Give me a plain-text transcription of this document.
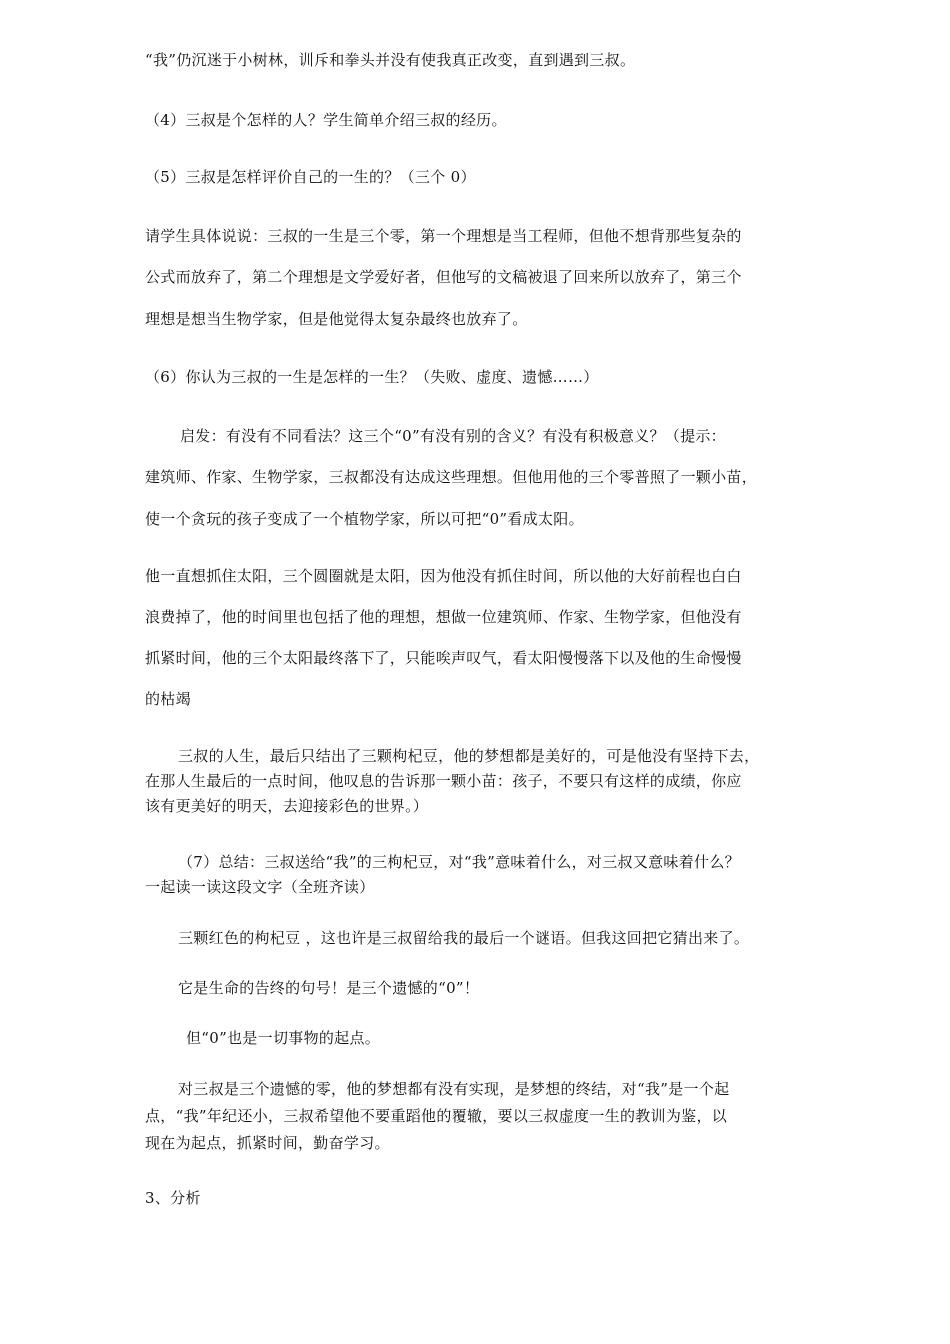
“我”仍沉迷于小树林，训斥和拳头并没有使我真正改变，直到遇到三叔。
（4）三叔是个怎样的人？学生简单介绍三叔的经历。
（5）三叔是怎样评价自己的一生的？（三个 0）
请学生具体说说：三叔的一生是三个零，第一个理想是当工程师，但他不想背那些复杂的
公式而放弃了，第二个理想是文学爱好者，但他写的文稿被退了回来所以放弃了，第三个
理想是想当生物学家，但是他觉得太复杂最终也放弃了。
（6）你认为三叔的一生是怎样的一生？（失败、虚度、遗憾……）
启发：有没有不同看法？这三个“0”有没有别的含义？有没有积极意义？（提示：
建筑师、作家、生物学家，三叔都没有达成这些理想。但他用他的三个零普照了一颗小苗，
使一个贪玩的孩子变成了一个植物学家，所以可把“0”看成太阳。
他一直想抓住太阳，三个圆圈就是太阳，因为他没有抓住时间，所以他的大好前程也白白
浪费掉了，他的时间里也包括了他的理想，想做一位建筑师、作家、生物学家，但他没有
抓紧时间，他的三个太阳最终落下了，只能唉声叹气，看太阳慢慢落下以及他的生命慢慢
的枯竭
三叔的人生，最后只结出了三颗枸杞豆，他的梦想都是美好的，可是他没有坚持下去，
在那人生最后的一点时间，他叹息的告诉那一颗小苗：孩子，不要只有这样的成绩，你应
该有更美好的明天，去迎接彩色的世界。）
（7）总结：三叔送给“我”的三枸杞豆，对“我”意味着什么，对三叔又意味着什么？
一起读一读这段文字（全班齐读）
三颗红色的枸杞豆 ，这也许是三叔留给我的最后一个谜语。但我这回把它猜出来了。
它是生命的告终的句号！是三个遗憾的“0”！
但“0”也是一切事物的起点。
对三叔是三个遗憾的零，他的梦想都有没有实现，是梦想的终结，对“我”是一个起
点，“我”年纪还小，三叔希望他不要重蹈他的覆辙，要以三叔虚度一生的教训为鉴，以
现在为起点，抓紧时间，勤奋学习。
3、分析
